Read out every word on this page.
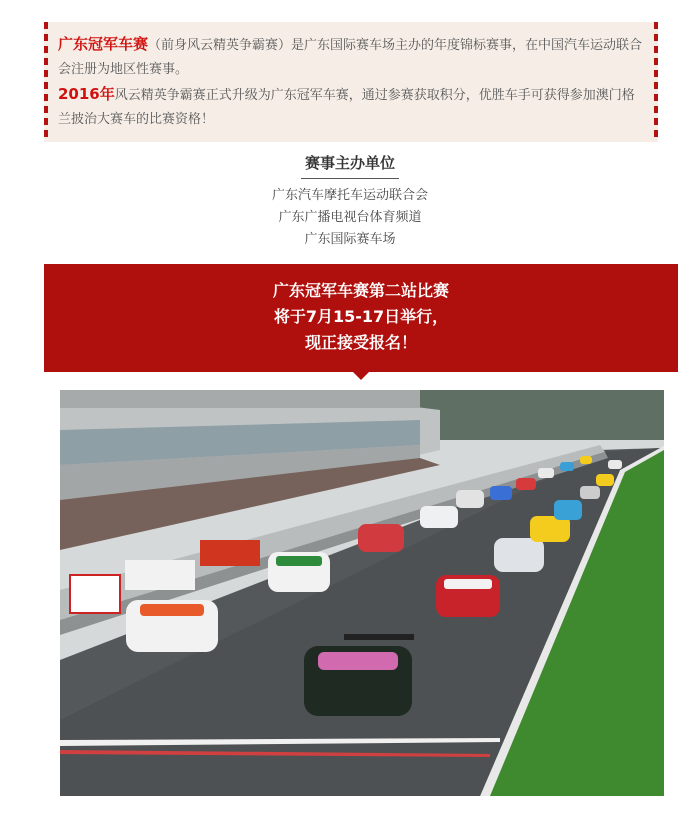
广东冠军车赛（前身风云精英争霸赛）是广东国际赛车场主办的年度锦标赛事，在中国汽车运动联合会注册为地区性赛事。
2016年风云精英争霸赛正式升级为广东冠军车赛，通过参赛获取积分，优胜车手可获得参加澳门格兰披治大赛车的比赛资格！
赛事主办单位
广东汽车摩托车运动联合会
广东广播电视台体育频道
广东国际赛车场
广东冠军车赛第二站比赛
将于7月15-17日举行，
现正接受报名！
